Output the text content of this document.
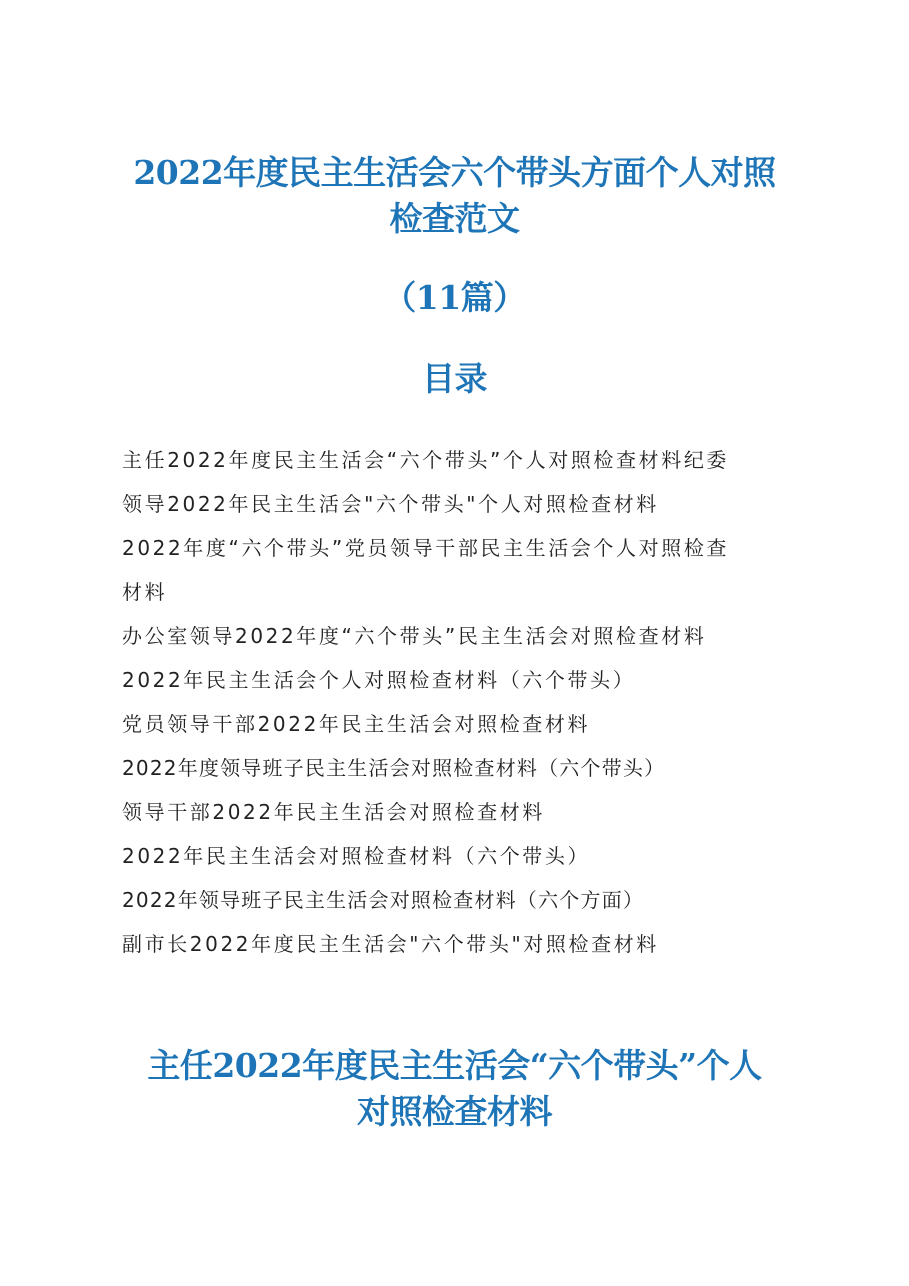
2022年度民主生活会六个带头方面个人对照
检查范文
（11篇）
目录
主任2022年度民主生活会“六个带头”个人对照检查材料纪委
领导2022年民主生活会"六个带头"个人对照检查材料
2022年度“六个带头”党员领导干部民主生活会个人对照检查
材料
办公室领导2022年度“六个带头”民主生活会对照检查材料
2022年民主生活会个人对照检查材料（六个带头）
党员领导干部2022年民主生活会对照检查材料
2022年度领导班子民主生活会对照检查材料（六个带头）
领导干部2022年民主生活会对照检查材料
2022年民主生活会对照检查材料（六个带头）
2022年领导班子民主生活会对照检查材料（六个方面）
副市长2022年度民主生活会"六个带头"对照检查材料
主任2022年度民主生活会“六个带头”个人
对照检查材料
